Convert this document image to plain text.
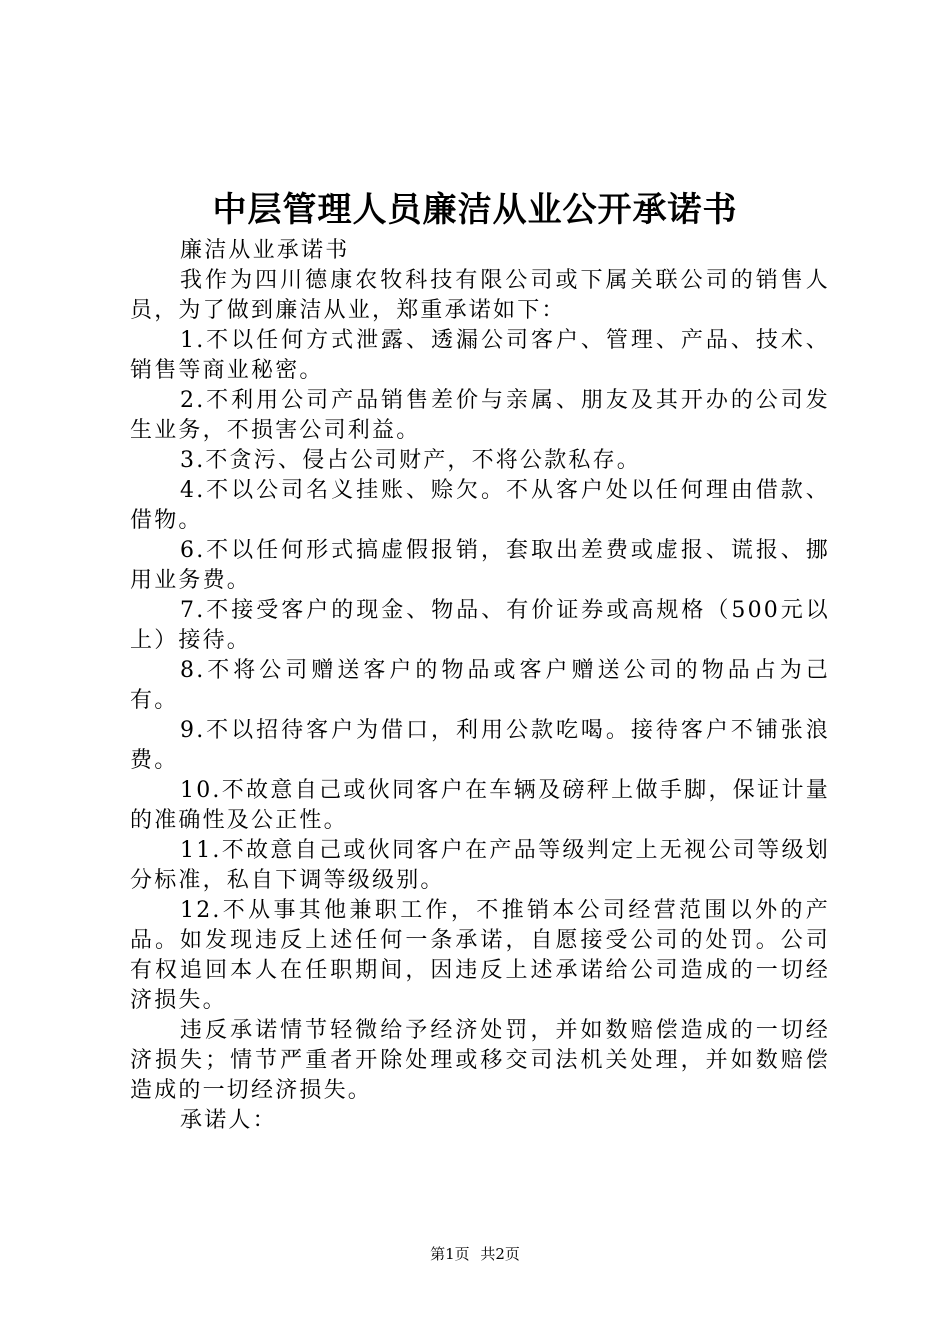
中层管理人员廉洁从业公开承诺书

廉洁从业承诺书

我作为四川德康农牧科技有限公司或下属关联公司的销售人员，为了做到廉洁从业，郑重承诺如下：

1.不以任何方式泄露、透漏公司客户、管理、产品、技术、销售等商业秘密。

2.不利用公司产品销售差价与亲属、朋友及其开办的公司发生业务，不损害公司利益。

3.不贪污、侵占公司财产，不将公款私存。

4.不以公司名义挂账、赊欠。不从客户处以任何理由借款、借物。

6.不以任何形式搞虚假报销，套取出差费或虚报、谎报、挪用业务费。

7.不接受客户的现金、物品、有价证券或高规格（500元以上）接待。

8.不将公司赠送客户的物品或客户赠送公司的物品占为己有。

9.不以招待客户为借口，利用公款吃喝。接待客户不铺张浪费。

10.不故意自己或伙同客户在车辆及磅秤上做手脚，保证计量的准确性及公正性。

11.不故意自己或伙同客户在产品等级判定上无视公司等级划分标准，私自下调等级级别。

12.不从事其他兼职工作，不推销本公司经营范围以外的产品。如发现违反上述任何一条承诺，自愿接受公司的处罚。公司有权追回本人在任职期间，因违反上述承诺给公司造成的一切经济损失。

违反承诺情节轻微给予经济处罚，并如数赔偿造成的一切经济损失；情节严重者开除处理或移交司法机关处理，并如数赔偿造成的一切经济损失。

承诺人：

第1页 共2页
